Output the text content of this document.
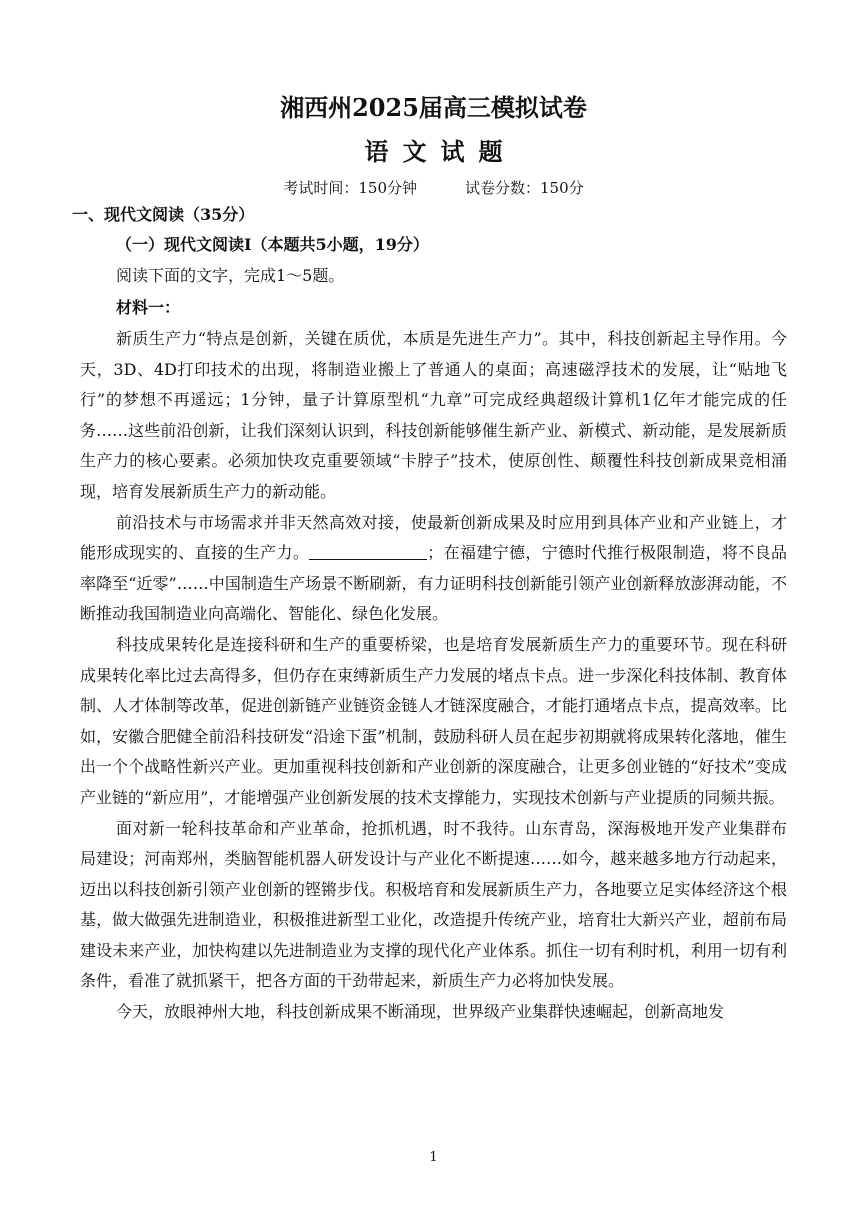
湘西州2025届高三模拟试卷
语文试题

考试时间：150分钟	试卷分数：150分

一、现代文阅读（35分）

（一）现代文阅读I（本题共5小题，19分）

阅读下面的文字，完成1～5题。

材料一：

新质生产力“特点是创新，关键在质优，本质是先进生产力”。其中，科技创新起主导作用。今天，3D、4D打印技术的出现，将制造业搬上了普通人的桌面；高速磁浮技术的发展，让“贴地飞行”的梦想不再遥远；1分钟，量子计算原型机“九章”可完成经典超级计算机1亿年才能完成的任务……这些前沿创新，让我们深刻认识到，科技创新能够催生新产业、新模式、新动能，是发展新质生产力的核心要素。必须加快攻克重要领域“卡脖子”技术，使原创性、颠覆性科技创新成果竞相涌现，培育发展新质生产力的新动能。

前沿技术与市场需求并非天然高效对接，使最新创新成果及时应用到具体产业和产业链上，才能形成现实的、直接的生产力。	；在福建宁德，宁德时代推行极限制造，将不良品率降至“近零”……中国制造生产场景不断刷新，有力证明科技创新能引领产业创新释放澎湃动能，不断推动我国制造业向高端化、智能化、绿色化发展。

科技成果转化是连接科研和生产的重要桥梁，也是培育发展新质生产力的重要环节。现在科研成果转化率比过去高得多，但仍存在束缚新质生产力发展的堵点卡点。进一步深化科技体制、教育体制、人才体制等改革，促进创新链产业链资金链人才链深度融合，才能打通堵点卡点，提高效率。比如，安徽合肥健全前沿科技研发“沿途下蛋”机制，鼓励科研人员在起步初期就将成果转化落地，催生出一个个战略性新兴产业。更加重视科技创新和产业创新的深度融合，让更多创业链的“好技术”变成产业链的“新应用”，才能增强产业创新发展的技术支撑能力，实现技术创新与产业提质的同频共振。

面对新一轮科技革命和产业革命，抢抓机遇，时不我待。山东青岛，深海极地开发产业集群布局建设；河南郑州，类脑智能机器人研发设计与产业化不断提速……如今，越来越多地方行动起来，迈出以科技创新引领产业创新的铿锵步伐。积极培育和发展新质生产力，各地要立足实体经济这个根基，做大做强先进制造业，积极推进新型工业化，改造提升传统产业，培育壮大新兴产业，超前布局建设未来产业，加快构建以先进制造业为支撑的现代化产业体系。抓住一切有利时机，利用一切有利条件，看准了就抓紧干，把各方面的干劲带起来，新质生产力必将加快发展。

今天，放眼神州大地，科技创新成果不断涌现，世界级产业集群快速崛起，创新高地发

1
